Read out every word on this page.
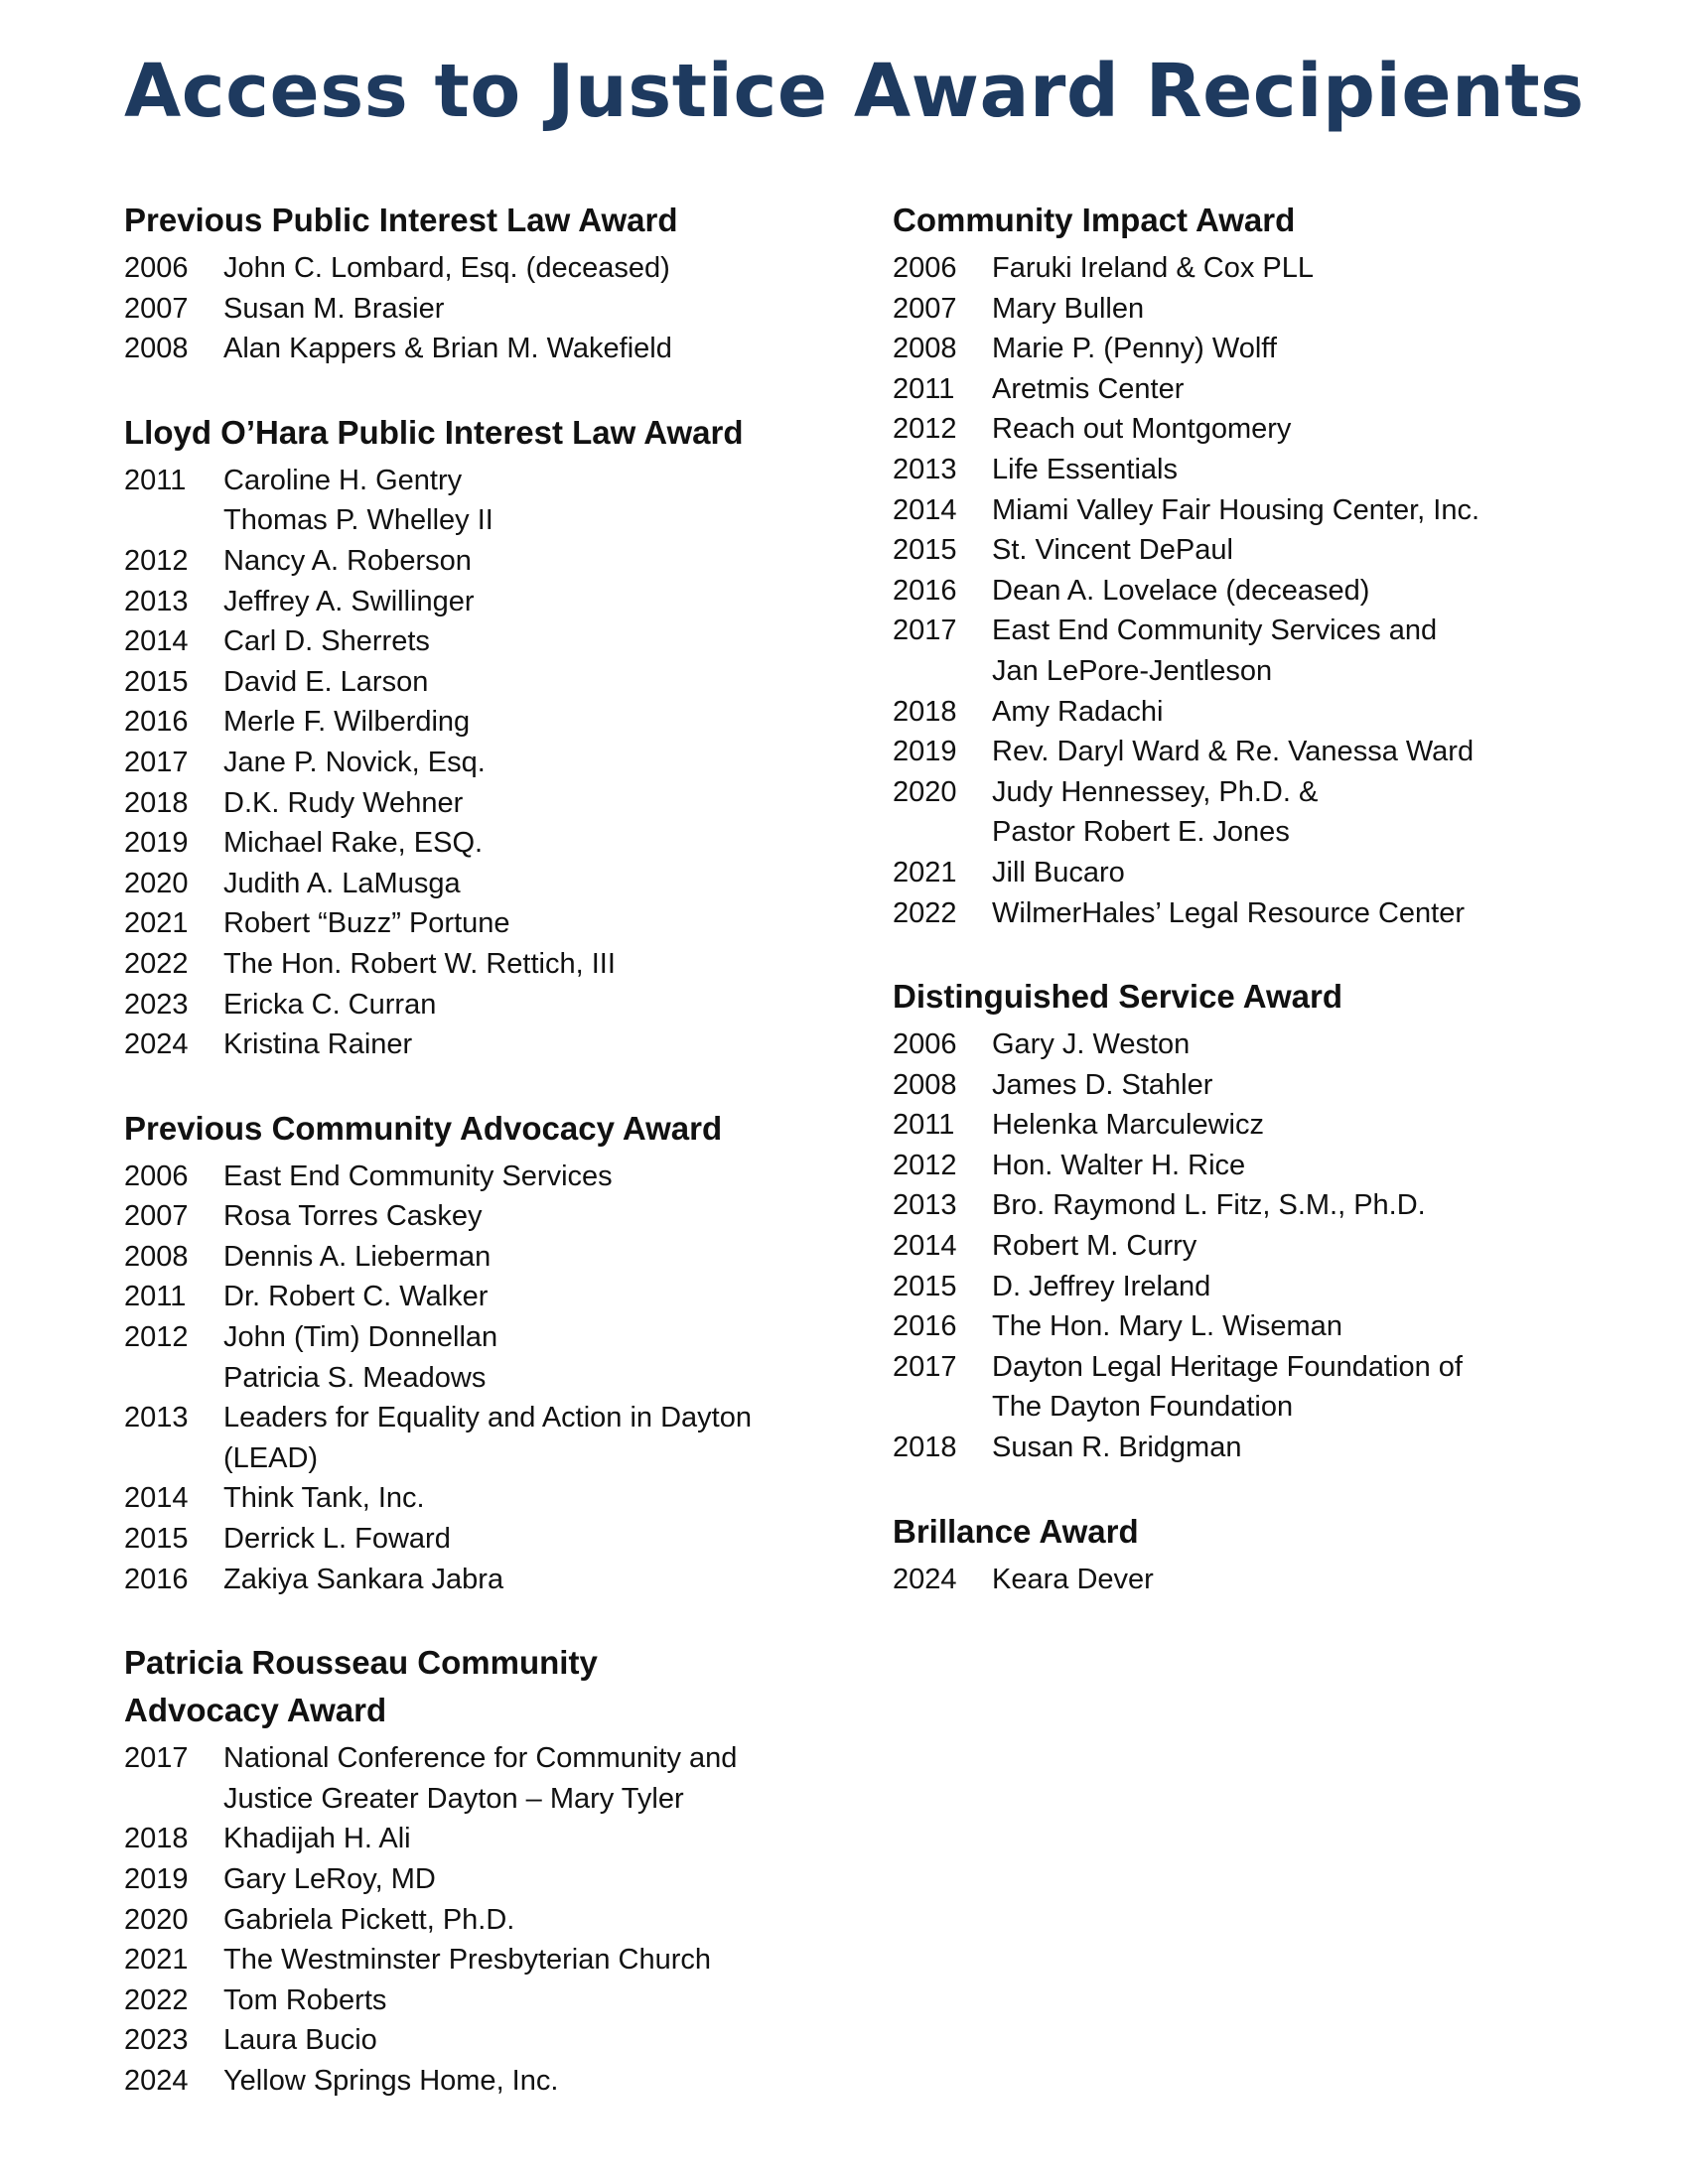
Access to Justice Award Recipients
Previous Public Interest Law Award
2006	John C. Lombard, Esq. (deceased)
2007	Susan M. Brasier
2008	Alan Kappers & Brian M. Wakefield
Lloyd O’Hara Public Interest Law Award
2011	Caroline H. Gentry
Thomas P. Whelley II
2012	Nancy A. Roberson
2013	Jeffrey A. Swillinger
2014	Carl D. Sherrets
2015	David E. Larson
2016	Merle F. Wilberding
2017	Jane P. Novick, Esq.
2018	D.K. Rudy Wehner
2019	Michael Rake, ESQ.
2020	Judith A. LaMusga
2021	Robert “Buzz” Portune
2022	The Hon. Robert W. Rettich, III
2023	Ericka C. Curran
2024	Kristina Rainer
Previous Community Advocacy Award
2006	East End Community Services
2007	Rosa Torres Caskey
2008	Dennis A. Lieberman
2011	Dr. Robert C. Walker
2012	John (Tim) Donnellan
Patricia S. Meadows
2013	Leaders for Equality and Action in Dayton
(LEAD)
2014	Think Tank, Inc.
2015	Derrick L. Foward
2016	Zakiya Sankara Jabra
Patricia Rousseau Community
Advocacy Award
2017	National Conference for Community and
Justice Greater Dayton – Mary Tyler
2018	Khadijah H. Ali
2019	Gary LeRoy, MD
2020	Gabriela Pickett, Ph.D.
2021	The Westminster Presbyterian Church
2022	Tom Roberts
2023	Laura Bucio
2024	Yellow Springs Home, Inc.
Community Impact Award
2006	Faruki Ireland & Cox PLL
2007	Mary Bullen
2008	Marie P. (Penny) Wolff
2011	Aretmis Center
2012	Reach out Montgomery
2013	Life Essentials
2014	Miami Valley Fair Housing Center, Inc.
2015	St. Vincent DePaul
2016	Dean A. Lovelace (deceased)
2017	East End Community Services and
Jan LePore-Jentleson
2018	Amy Radachi
2019	Rev. Daryl Ward & Re. Vanessa Ward
2020	Judy Hennessey, Ph.D. &
Pastor Robert E. Jones
2021	Jill Bucaro
2022	WilmerHales’ Legal Resource Center
Distinguished Service Award
2006	Gary J. Weston
2008	James D. Stahler
2011	Helenka Marculewicz
2012	Hon. Walter H. Rice
2013	Bro. Raymond L. Fitz, S.M., Ph.D.
2014	Robert M. Curry
2015	D. Jeffrey Ireland
2016	The Hon. Mary L. Wiseman
2017	Dayton Legal Heritage Foundation of
The Dayton Foundation
2018	Susan R. Bridgman
Brillance Award
2024	Keara Dever
